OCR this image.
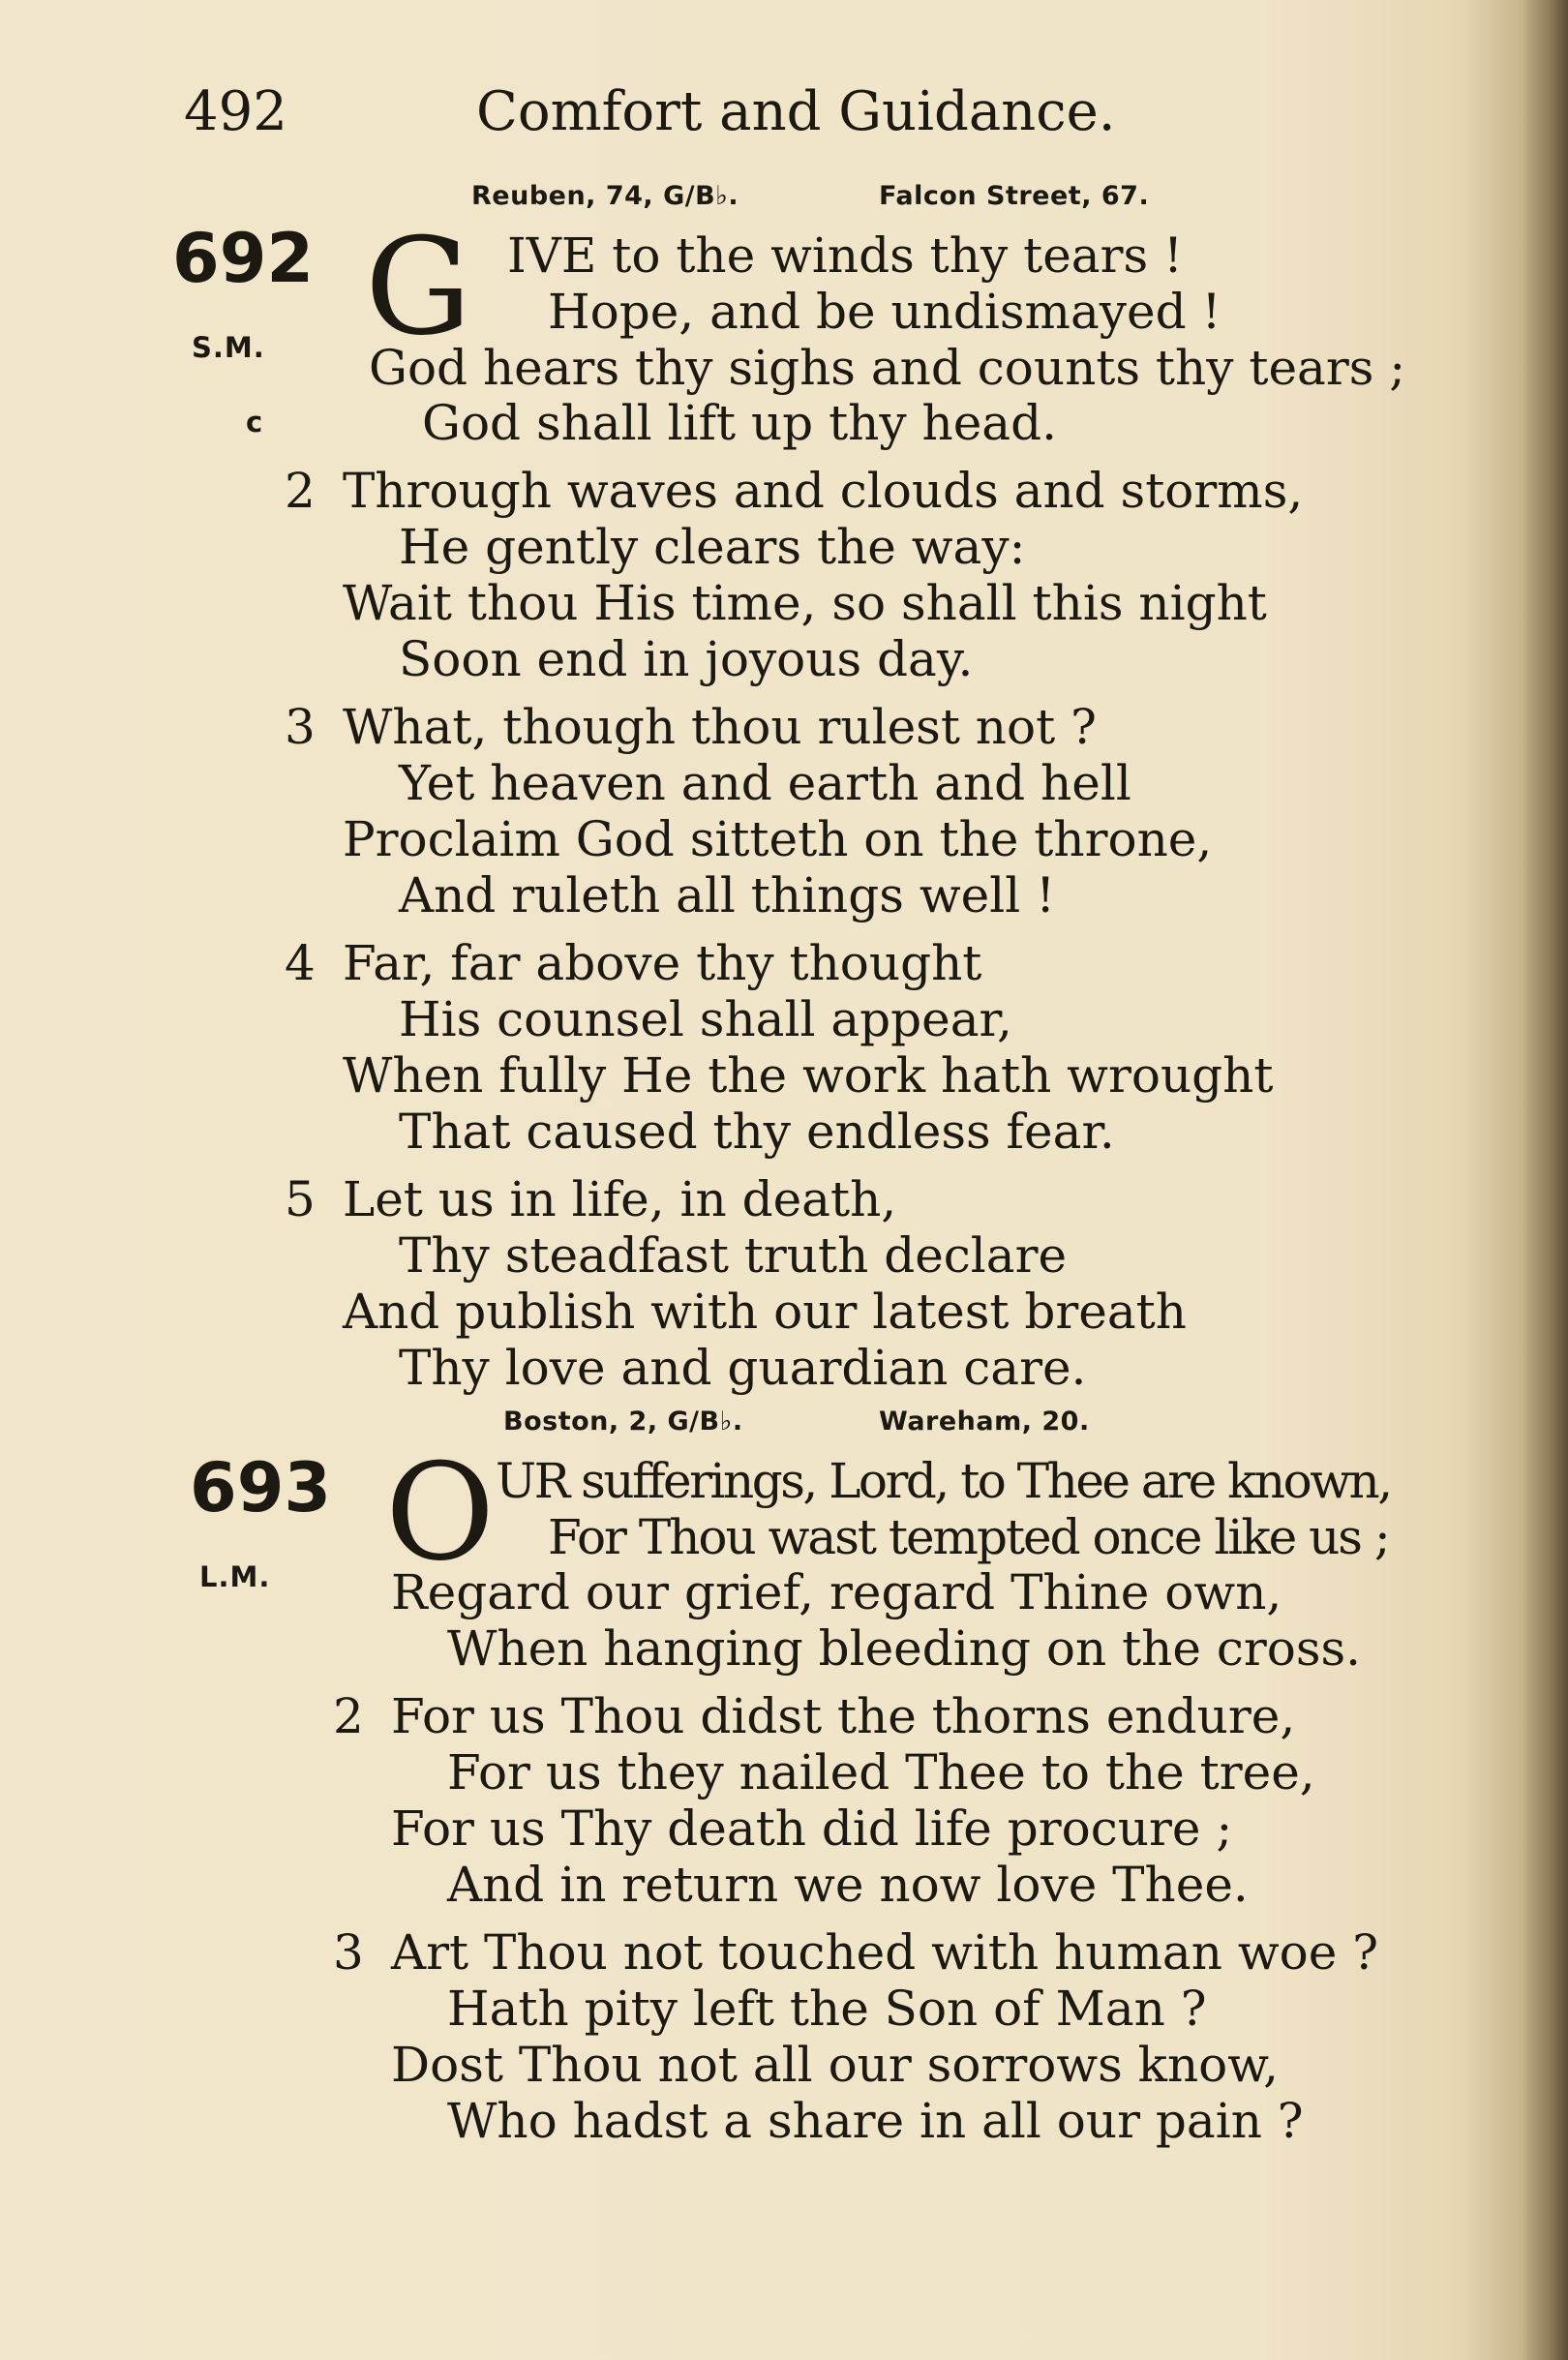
492	Comfort and Guidance.
Reuben, 74, G/B♭.	Falcon Street, 67.
692
S.M.
c
G IVE to the winds thy tears !
Hope, and be undismayed !
God hears thy sighs and counts thy tears ;
God shall lift up thy head.
2 Through waves and clouds and storms,
He gently clears the way:
Wait thou His time, so shall this night
Soon end in joyous day.
3 What, though thou rulest not ?
Yet heaven and earth and hell
Proclaim God sitteth on the throne,
And ruleth all things well !
4 Far, far above thy thought
His counsel shall appear,
When fully He the work hath wrought
That caused thy endless fear.
5 Let us in life, in death,
Thy steadfast truth declare
And publish with our latest breath
Thy love and guardian care.
Boston, 2, G/B♭.	Wareham, 20.
693
L.M. O UR sufferings, Lord, to Thee are known,
For Thou wast tempted once like us ;
Regard our grief, regard Thine own,
When hanging bleeding on the cross.
2 For us Thou didst the thorns endure,
For us they nailed Thee to the tree,
For us Thy death did life procure ;
And in return we now love Thee.
3 Art Thou not touched with human woe ?
Hath pity left the Son of Man ?
Dost Thou not all our sorrows know,
Who hadst a share in all our pain ?
